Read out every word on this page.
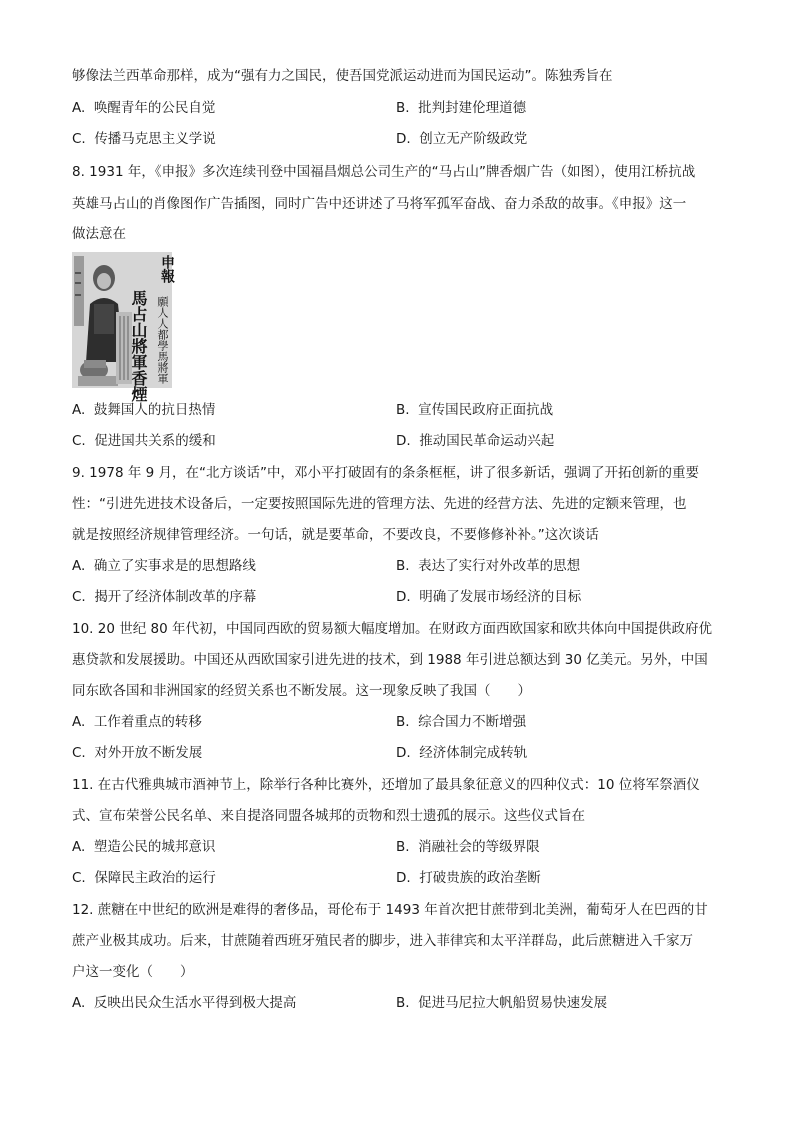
够像法兰西革命那样，成为“强有力之国民，使吾国党派运动进而为国民运动”。陈独秀旨在
A. 唤醒青年的公民自觉	B. 批判封建伦理道德
C. 传播马克思主义学说	D. 创立无产阶级政党
8. 1931 年，《申报》多次连续刊登中国福昌烟总公司生产的“马占山”牌香烟广告（如图），使用江桥抗战
英雄马占山的肖像图作广告插图，同时广告中还讲述了马将军孤军奋战、奋力杀敌的故事。《申报》这一
做法意在
申報
馬占山將軍香煙 願人人都學馬將軍
A. 鼓舞国人的抗日热情	B. 宣传国民政府正面抗战
C. 促进国共关系的缓和	D. 推动国民革命运动兴起
9. 1978 年 9 月，在“北方谈话”中，邓小平打破固有的条条框框，讲了很多新话，强调了开拓创新的重要
性：“引进先进技术设备后，一定要按照国际先进的管理方法、先进的经营方法、先进的定额来管理，也
就是按照经济规律管理经济。一句话，就是要革命，不要改良，不要修修补补。”这次谈话
A. 确立了实事求是的思想路线	B. 表达了实行对外改革的思想
C. 揭开了经济体制改革的序幕	D. 明确了发展市场经济的目标
10. 20 世纪 80 年代初，中国同西欧的贸易额大幅度增加。在财政方面西欧国家和欧共体向中国提供政府优
惠贷款和发展援助。中国还从西欧国家引进先进的技术，到 1988 年引进总额达到 30 亿美元。另外，中国
同东欧各国和非洲国家的经贸关系也不断发展。这一现象反映了我国（　　）
A. 工作着重点的转移	B. 综合国力不断增强
C. 对外开放不断发展	D. 经济体制完成转轨
11. 在古代雅典城市酒神节上，除举行各种比赛外，还增加了最具象征意义的四种仪式：10 位将军祭酒仪
式、宣布荣誉公民名单、来自提洛同盟各城邦的贡物和烈士遗孤的展示。这些仪式旨在
A. 塑造公民的城邦意识	B. 消融社会的等级界限
C. 保障民主政治的运行	D. 打破贵族的政治垄断
12. 蔗糖在中世纪的欧洲是难得的奢侈品，哥伦布于 1493 年首次把甘蔗带到北美洲，葡萄牙人在巴西的甘
蔗产业极其成功。后来，甘蔗随着西班牙殖民者的脚步，进入菲律宾和太平洋群岛，此后蔗糖进入千家万
户这一变化（　　）
A. 反映出民众生活水平得到极大提高	B. 促进马尼拉大帆船贸易快速发展
